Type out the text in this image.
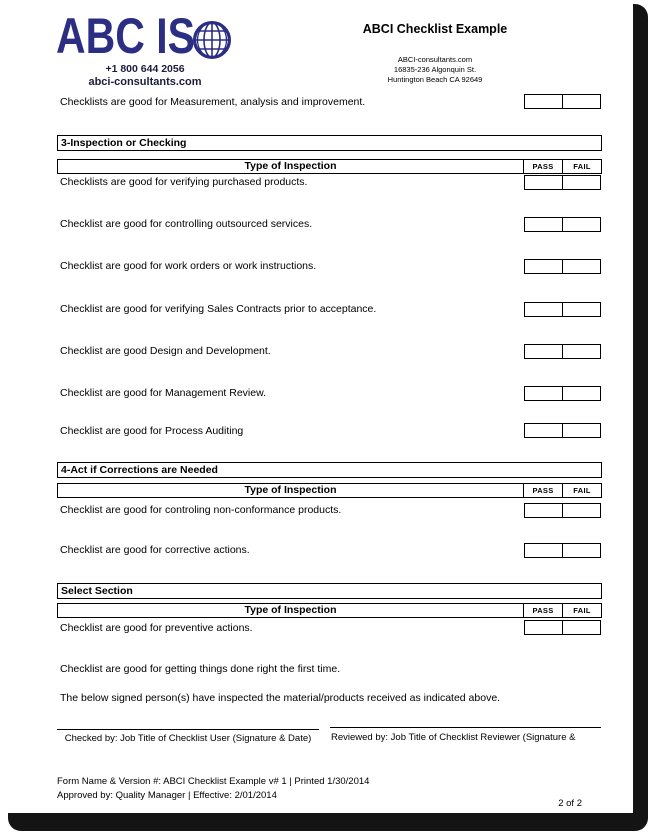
ABC IS
+1 800 644 2056
abci-consultants.com
ABCI Checklist Example
ABCI-consultants.com
16835-236 Algonquin St.
Huntington Beach CA 92649
Checklists are good for Measurement, analysis and improvement.
3-Inspection or Checking
Type of Inspection	PASS	FAIL
Checklists are good for verifying purchased products.
Checklist are good for controlling outsourced services.
Checklist are good for work orders or work instructions.
Checklist are good for verifying Sales Contracts prior to acceptance.
Checklist are good Design and Development.
Checklist are good for Management Review.
Checklist are good for Process Auditing
4-Act if Corrections are Needed
Type of Inspection	PASS	FAIL
Checklist are good for controling non-conformance products.
Checklist are good for corrective actions.
Select Section
Type of Inspection	PASS	FAIL
Checklist are good for preventive actions.
Checklist are good for getting things done right the first time.
The below signed person(s) have inspected the material/products received as indicated above.
Checked by: Job Title of Checklist User (Signature & Date)	Reviewed by: Job Title of Checklist Reviewer (Signature &
Form Name & Version #: ABCI Checklist Example v# 1 | Printed 1/30/2014
Approved by: Quality Manager | Effective: 2/01/2014
2 of 2
